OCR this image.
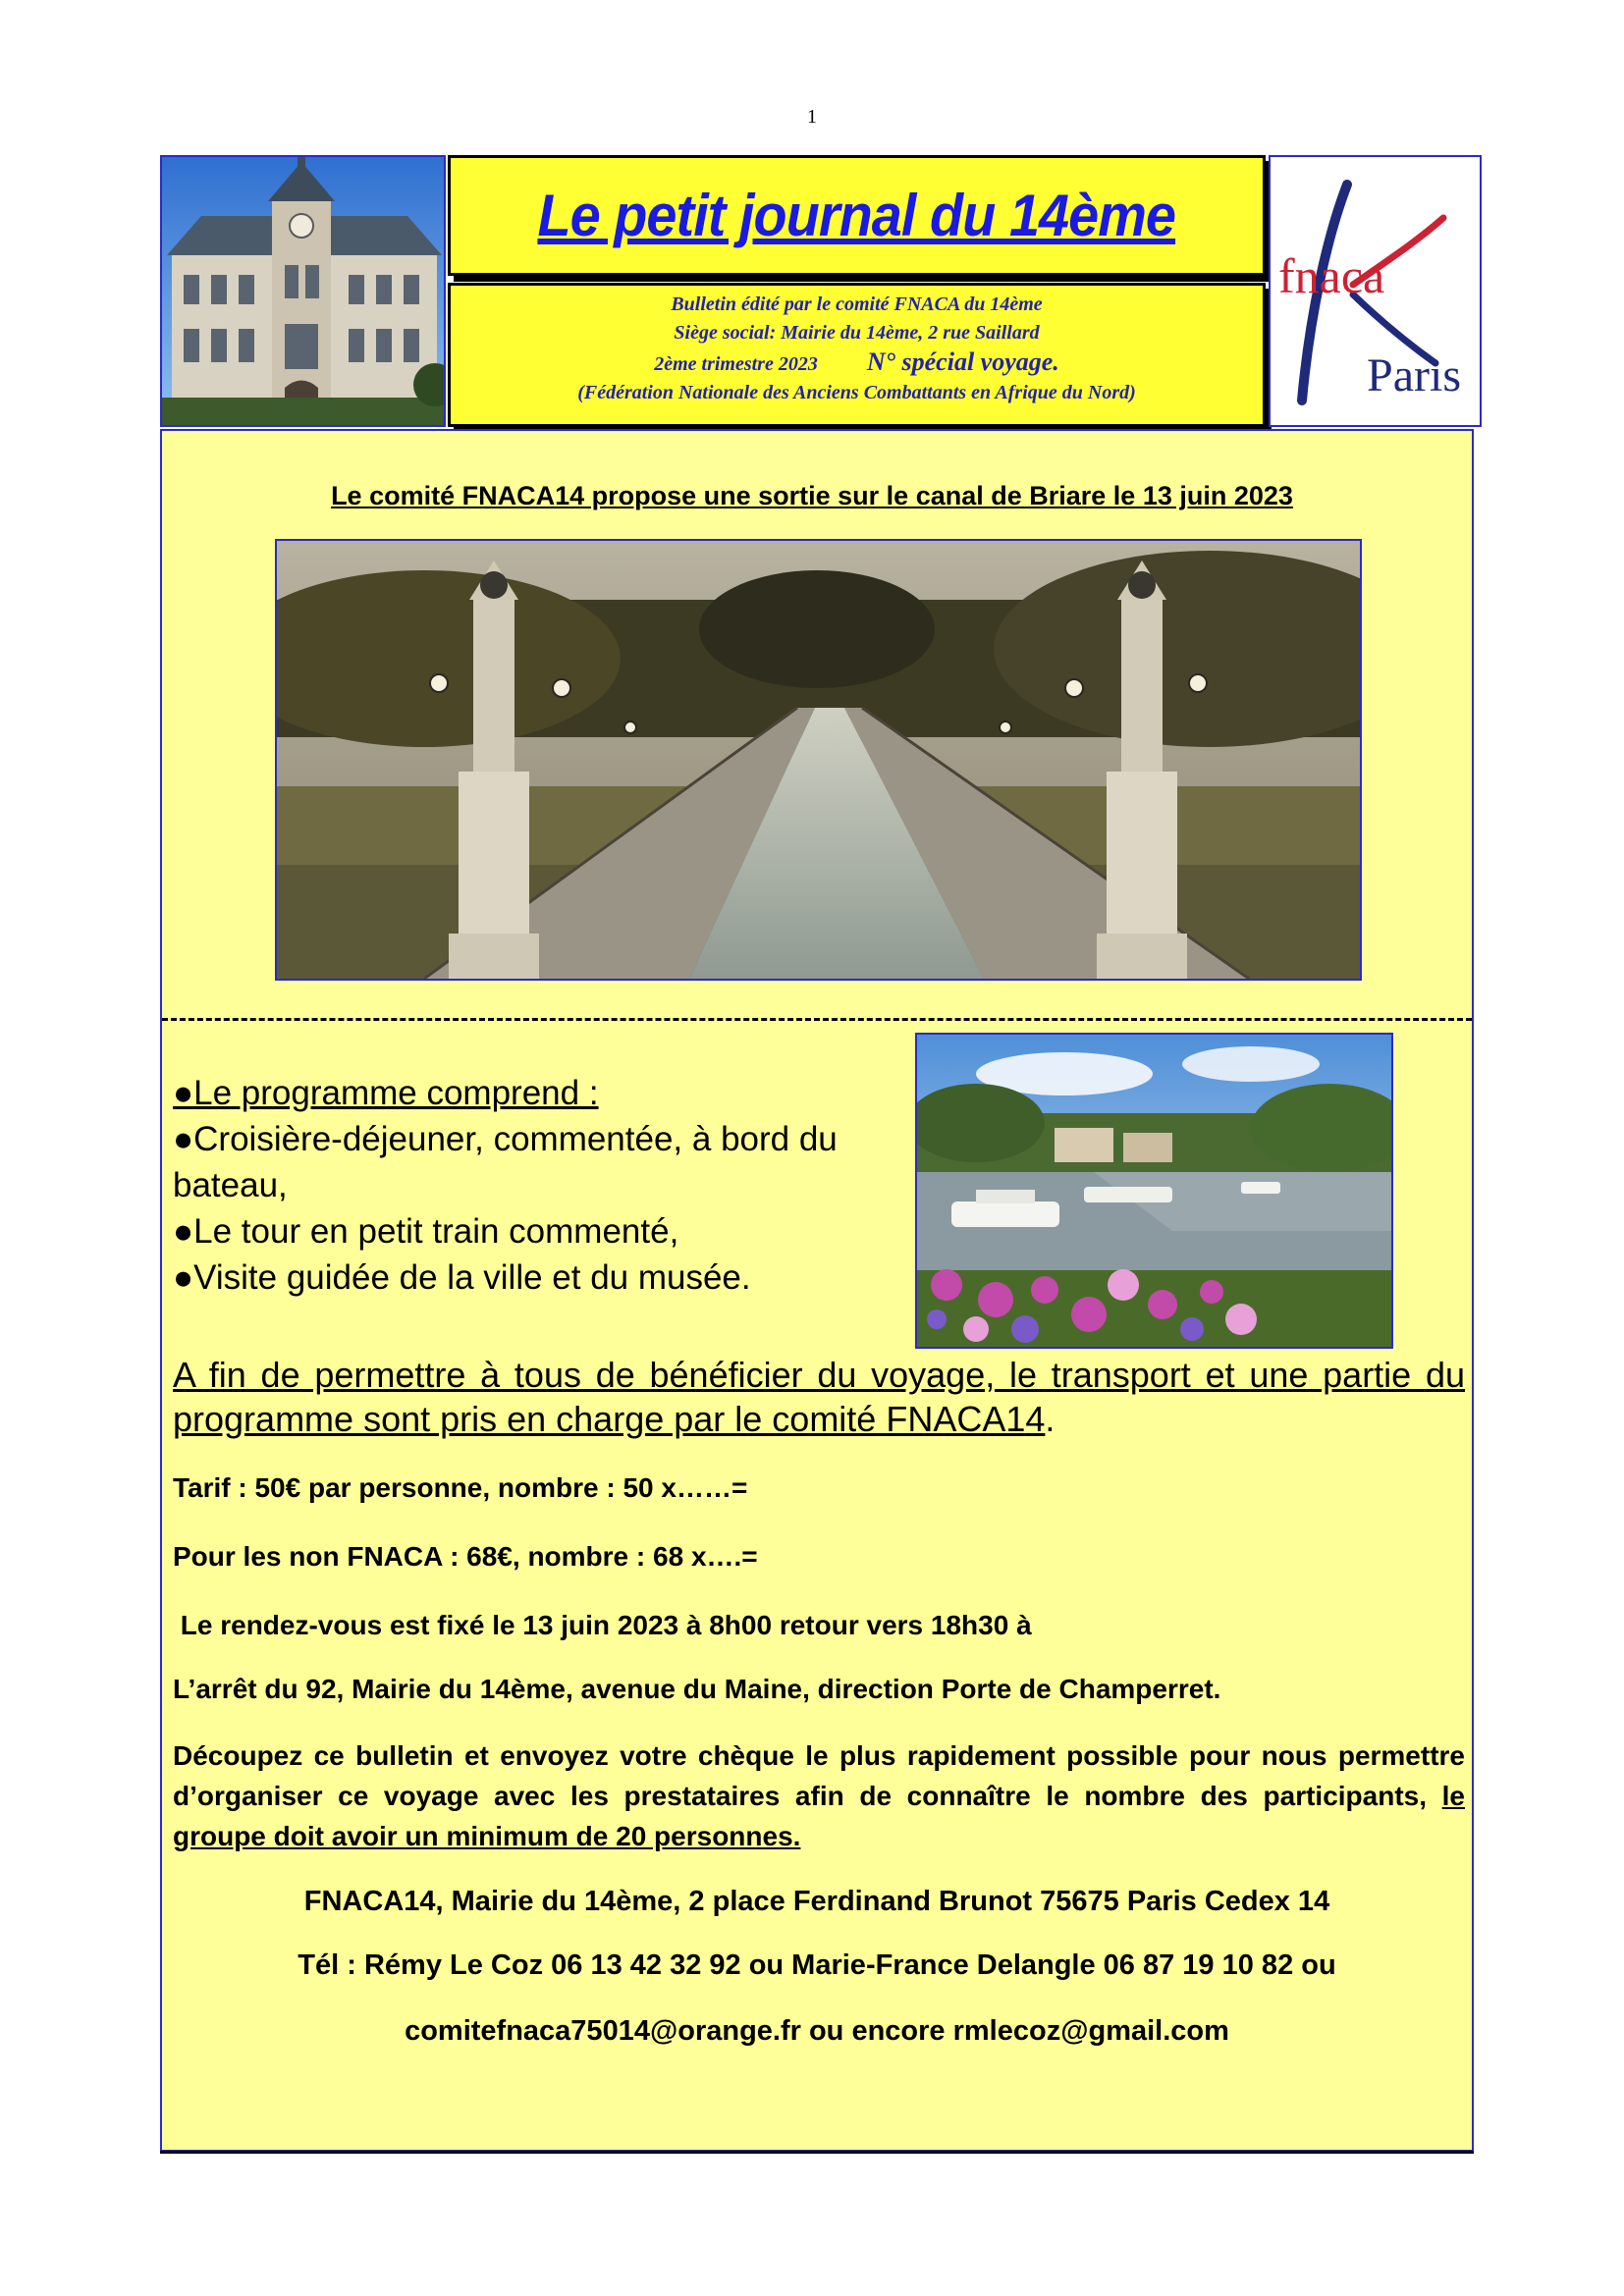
1
Le petit journal du 14ème
Bulletin édité par le comité FNACA du 14ème
Siège social: Mairie du 14ème, 2 rue Saillard
2ème trimestre 2023 N° spécial voyage.
(Fédération Nationale des Anciens Combattants en Afrique du Nord)
fnaca
Paris
Le comité FNACA14 propose une sortie sur le canal de Briare le 13 juin 2023
●Le programme comprend :
●Croisière-déjeuner, commentée, à bord du bateau,
●Le tour en petit train commenté,
●Visite guidée de la ville et du musée.
A fin de permettre à tous de bénéficier du voyage, le transport et une partie du programme sont pris en charge par le comité FNACA14.
Tarif : 50€ par personne, nombre : 50 x……=
Pour les non FNACA : 68€, nombre : 68 x….=
Le rendez-vous est fixé le 13 juin 2023 à 8h00 retour vers 18h30 à
L’arrêt du 92, Mairie du 14ème, avenue du Maine, direction Porte de Champerret.
Découpez ce bulletin et envoyez votre chèque le plus rapidement possible pour nous permettre d’organiser ce voyage avec les prestataires afin de connaître le nombre des participants, le groupe doit avoir un minimum de 20 personnes.
FNACA14, Mairie du 14ème, 2 place Ferdinand Brunot 75675 Paris Cedex 14
Tél : Rémy Le Coz 06 13 42 32 92 ou Marie-France Delangle 06 87 19 10 82 ou
comitefnaca75014@orange.fr ou encore rmlecoz@gmail.com
